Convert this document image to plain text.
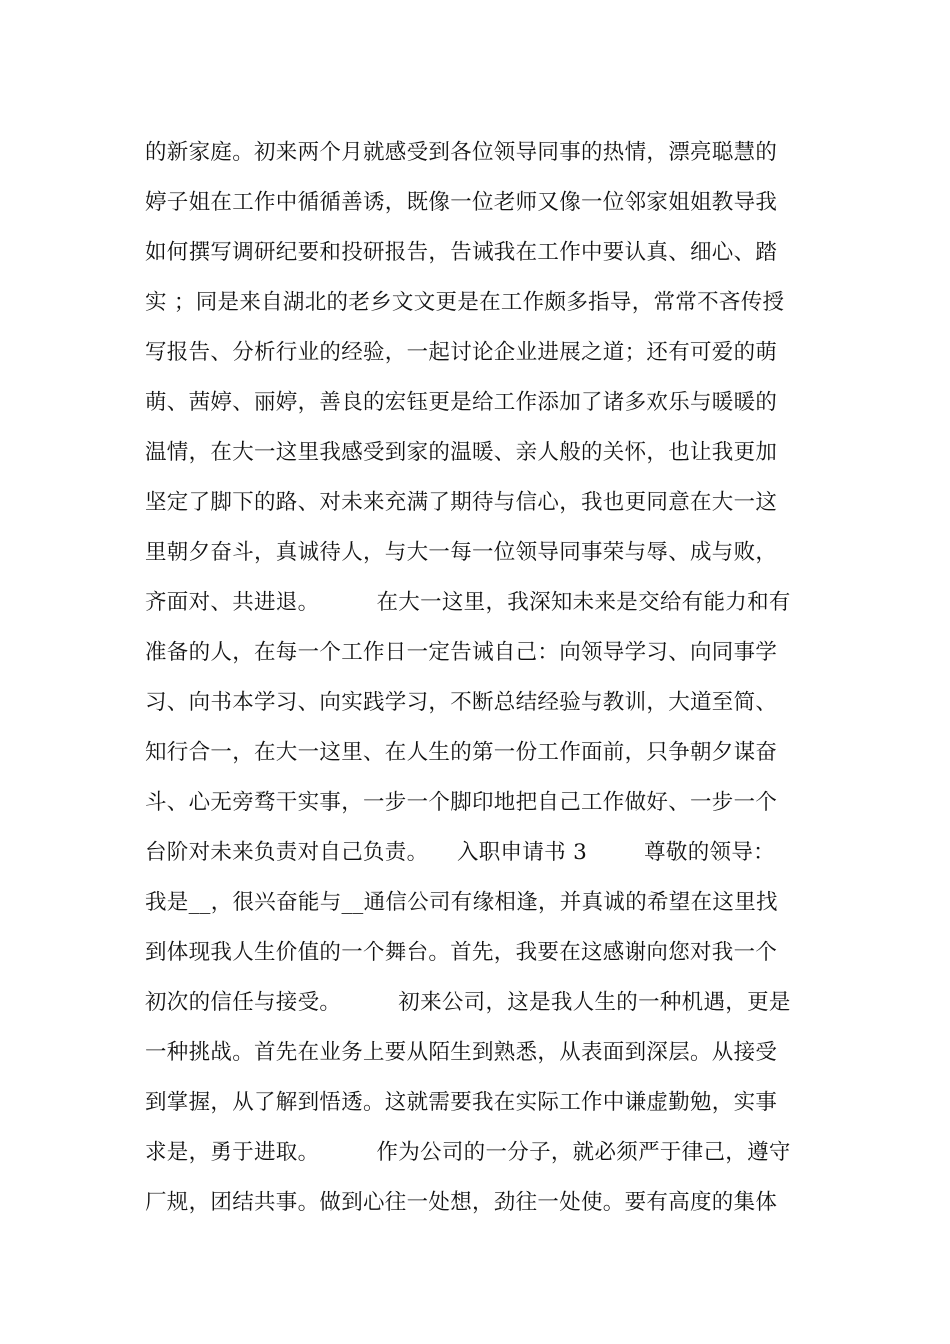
的新家庭。初来两个月就感受到各位领导同事的热情，漂亮聪慧的
婷子姐在工作中循循善诱，既像一位老师又像一位邻家姐姐教导我
如何撰写调研纪要和投研报告，告诫我在工作中要认真、细心、踏
实 ；同是来自湖北的老乡文文更是在工作颇多指导，常常不吝传授
写报告、分析行业的经验，一起讨论企业进展之道；还有可爱的萌
萌、茜婷、丽婷，善良的宏钰更是给工作添加了诸多欢乐与暖暖的
温情，在大一这里我感受到家的温暖、亲人般的关怀，也让我更加
坚定了脚下的路、对未来充满了期待与信心，我也更同意在大一这
里朝夕奋斗，真诚待人，与大一每一位领导同事荣与辱、成与败，
齐面对、共进退。        在大一这里，我深知未来是交给有能力和有
准备的人，在每一个工作日一定告诫自己：向领导学习、向同事学
习、向书本学习、向实践学习，不断总结经验与教训，大道至简、
知行合一，在大一这里、在人生的第一份工作面前，只争朝夕谋奋
斗、心无旁骛干实事，一步一个脚印地把自己工作做好、一步一个
台阶对未来负责对自己负责。    入职申请书 3        尊敬的领导：
我是__，很兴奋能与__通信公司有缘相逢，并真诚的希望在这里找
到体现我人生价值的一个舞台。首先，我要在这感谢向您对我一个
初次的信任与接受。        初来公司，这是我人生的一种机遇，更是
一种挑战。首先在业务上要从陌生到熟悉，从表面到深层。从接受
到掌握，从了解到悟透。这就需要我在实际工作中谦虚勤勉，实事
求是，勇于进取。        作为公司的一分子，就必须严于律己，遵守
厂规，团结共事。做到心往一处想，劲往一处使。要有高度的集体
